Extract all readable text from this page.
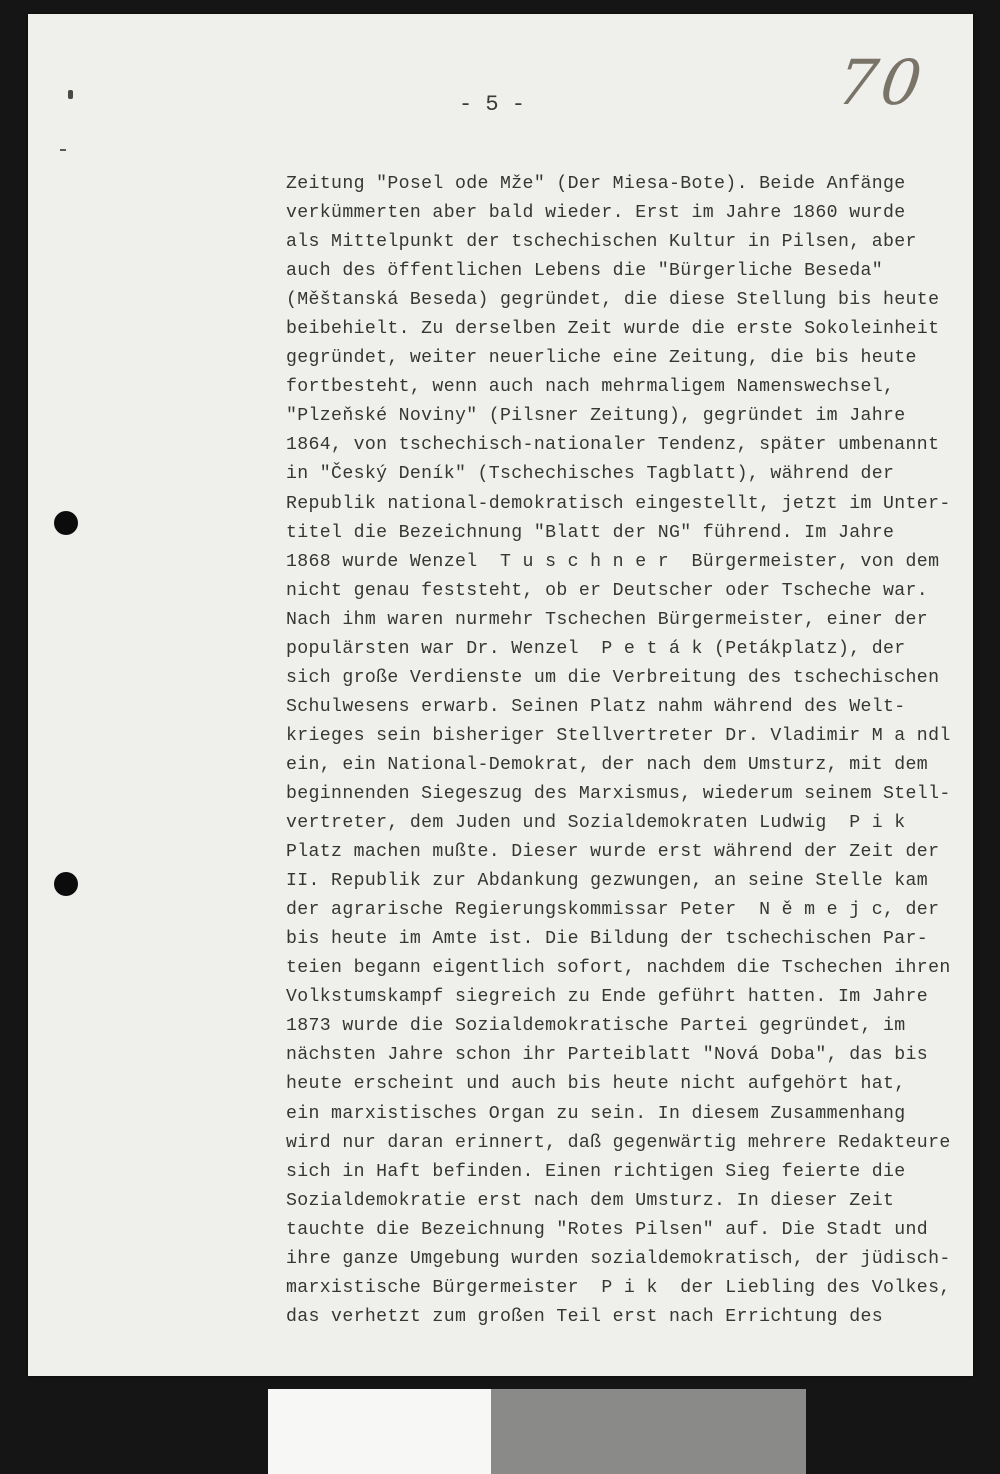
- 5 -	70
Zeitung "Posel ode Mže" (Der Miesa-Bote). Beide Anfänge
verkümmerten aber bald wieder. Erst im Jahre 1860 wurde
als Mittelpunkt der tschechischen Kultur in Pilsen, aber
auch des öffentlichen Lebens die "Bürgerliche Beseda"
(Měštanská Beseda) gegründet, die diese Stellung bis heute
beibehielt. Zu derselben Zeit wurde die erste Sokoleinheit
gegründet, weiter neuerliche eine Zeitung, die bis heute
fortbesteht, wenn auch nach mehrmaligem Namenswechsel,
"Plzeňské Noviny" (Pilsner Zeitung), gegründet im Jahre
1864, von tschechisch-nationaler Tendenz, später umbenannt
in "Český Deník" (Tschechisches Tagblatt), während der
Republik national-demokratisch eingestellt, jetzt im Unter-
titel die Bezeichnung "Blatt der NG" führend. Im Jahre
1868 wurde Wenzel  T u s c h n e r  Bürgermeister, von dem
nicht genau feststeht, ob er Deutscher oder Tscheche war.
Nach ihm waren nurmehr Tschechen Bürgermeister, einer der
populärsten war Dr. Wenzel  P e t á k (Petákplatz), der
sich große Verdienste um die Verbreitung des tschechischen
Schulwesens erwarb. Seinen Platz nahm während des Welt-
krieges sein bisheriger Stellvertreter Dr. Vladimir M a ndl
ein, ein National-Demokrat, der nach dem Umsturz, mit dem
beginnenden Siegeszug des Marxismus, wiederum seinem Stell-
vertreter, dem Juden und Sozialdemokraten Ludwig  P i k
Platz machen mußte. Dieser wurde erst während der Zeit der
II. Republik zur Abdankung gezwungen, an seine Stelle kam
der agrarische Regierungskommissar Peter  N ě m e j c, der
bis heute im Amte ist. Die Bildung der tschechischen Par-
teien begann eigentlich sofort, nachdem die Tschechen ihren
Volkstumskampf siegreich zu Ende geführt hatten. Im Jahre
1873 wurde die Sozialdemokratische Partei gegründet, im
nächsten Jahre schon ihr Parteiblatt "Nová Doba", das bis
heute erscheint und auch bis heute nicht aufgehört hat,
ein marxistisches Organ zu sein. In diesem Zusammenhang
wird nur daran erinnert, daß gegenwärtig mehrere Redakteure
sich in Haft befinden. Einen richtigen Sieg feierte die
Sozialdemokratie erst nach dem Umsturz. In dieser Zeit
tauchte die Bezeichnung "Rotes Pilsen" auf. Die Stadt und
ihre ganze Umgebung wurden sozialdemokratisch, der jüdisch-
marxistische Bürgermeister  P i k  der Liebling des Volkes,
das verhetzt zum großen Teil erst nach Errichtung des
